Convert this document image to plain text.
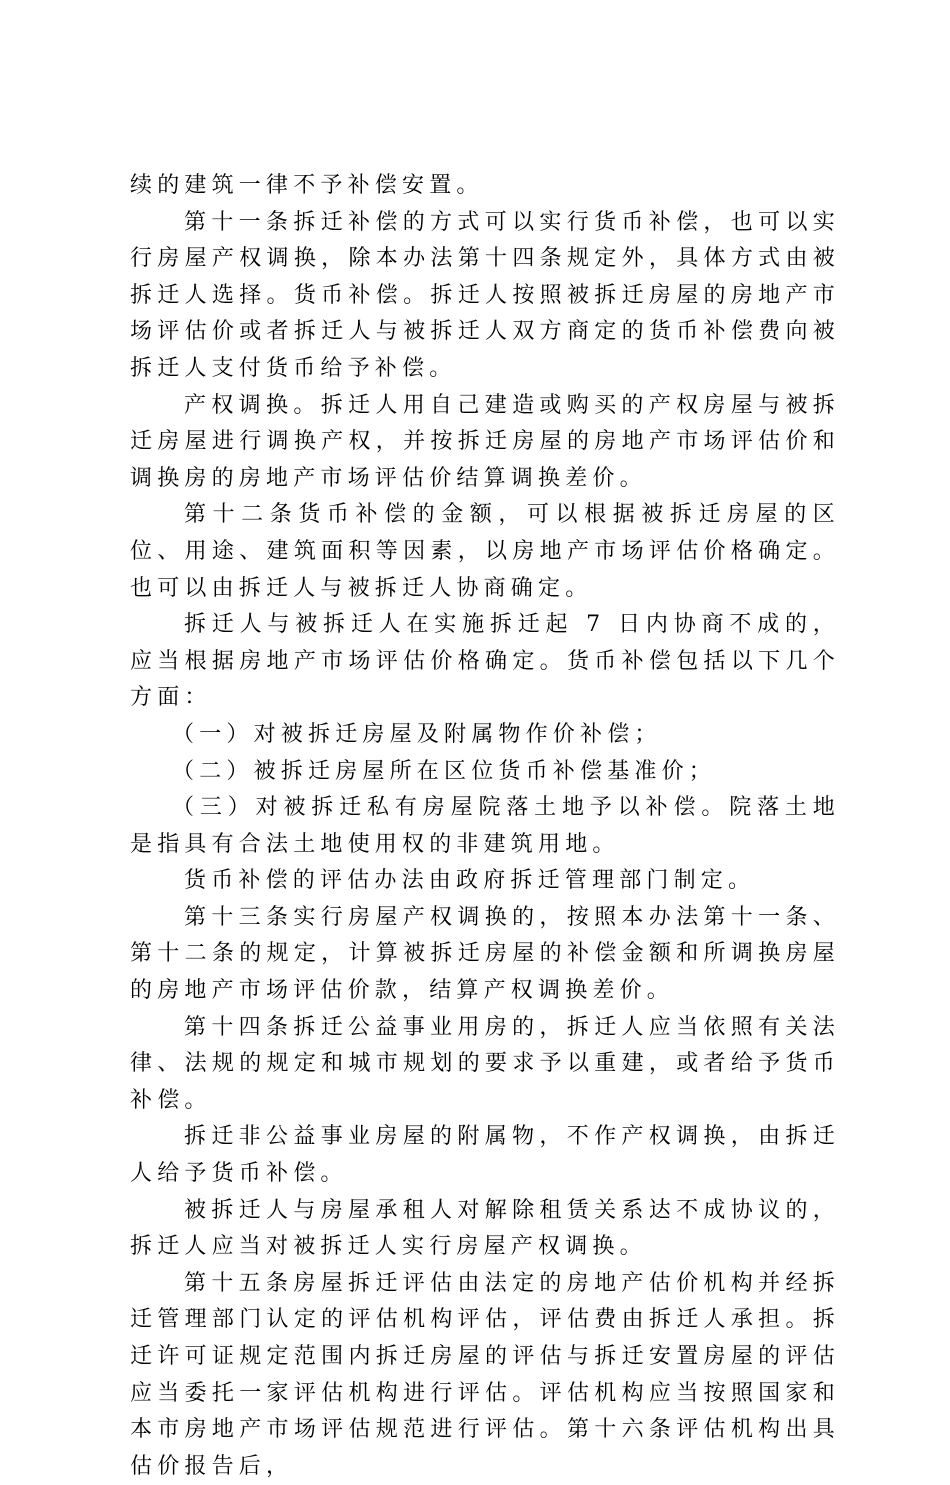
续的建筑一律不予补偿安置。

第十一条拆迁补偿的方式可以实行货币补偿，也可以实行房屋产权调换，除本办法第十四条规定外，具体方式由被拆迁人选择。货币补偿。拆迁人按照被拆迁房屋的房地产市场评估价或者拆迁人与被拆迁人双方商定的货币补偿费向被拆迁人支付货币给予补偿。

产权调换。拆迁人用自己建造或购买的产权房屋与被拆迁房屋进行调换产权，并按拆迁房屋的房地产市场评估价和调换房的房地产市场评估价结算调换差价。

第十二条货币补偿的金额，可以根据被拆迁房屋的区位、用途、建筑面积等因素，以房地产市场评估价格确定。也可以由拆迁人与被拆迁人协商确定。

拆迁人与被拆迁人在实施拆迁起 7 日内协商不成的，应当根据房地产市场评估价格确定。货币补偿包括以下几个方面：

（一）对被拆迁房屋及附属物作价补偿；

（二）被拆迁房屋所在区位货币补偿基准价；

（三）对被拆迁私有房屋院落土地予以补偿。院落土地是指具有合法土地使用权的非建筑用地。

货币补偿的评估办法由政府拆迁管理部门制定。

第十三条实行房屋产权调换的，按照本办法第十一条、第十二条的规定，计算被拆迁房屋的补偿金额和所调换房屋的房地产市场评估价款，结算产权调换差价。

第十四条拆迁公益事业用房的，拆迁人应当依照有关法律、法规的规定和城市规划的要求予以重建，或者给予货币补偿。

拆迁非公益事业房屋的附属物，不作产权调换，由拆迁人给予货币补偿。

被拆迁人与房屋承租人对解除租赁关系达不成协议的，拆迁人应当对被拆迁人实行房屋产权调换。

第十五条房屋拆迁评估由法定的房地产估价机构并经拆迁管理部门认定的评估机构评估，评估费由拆迁人承担。拆迁许可证规定范围内拆迁房屋的评估与拆迁安置房屋的评估应当委托一家评估机构进行评估。评估机构应当按照国家和本市房地产市场评估规范进行评估。第十六条评估机构出具估价报告后，
